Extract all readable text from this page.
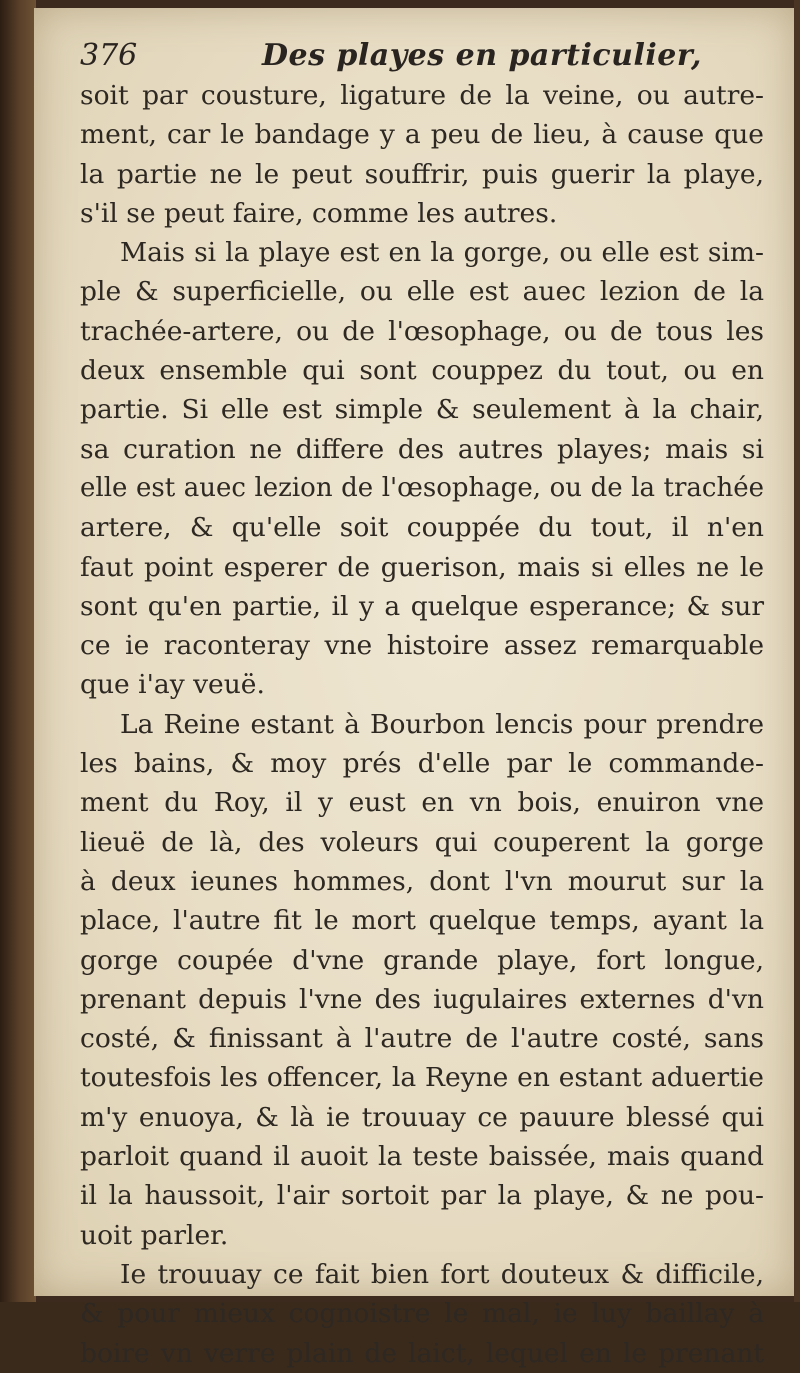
376	Des playes en particulier,
soit par cousture, ligature de la veine, ou autre-
ment, car le bandage y a peu de lieu, à cause que
la partie ne le peut souffrir, puis guerir la playe,
s'il se peut faire, comme les autres.
Mais si la playe est en la gorge, ou elle est sim-
ple & superficielle, ou elle est auec lezion de la
trachée-artere, ou de l'œsophage, ou de tous les
deux ensemble qui sont couppez du tout, ou en
partie. Si elle est simple & seulement à la chair,
sa curation ne differe des autres playes; mais si
elle est auec lezion de l'œsophage, ou de la trachée
artere, & qu'elle soit couppée du tout, il n'en
faut point esperer de guerison, mais si elles ne le
sont qu'en partie, il y a quelque esperance; & sur
ce ie raconteray vne histoire assez remarquable
que i'ay veuë.
La Reine estant à Bourbon lencis pour prendre
les bains, & moy prés d'elle par le commande-
ment du Roy, il y eust en vn bois, enuiron vne
lieuë de là, des voleurs qui couperent la gorge
à deux ieunes hommes, dont l'vn mourut sur la
place, l'autre fit le mort quelque temps, ayant la
gorge coupée d'vne grande playe, fort longue,
prenant depuis l'vne des iugulaires externes d'vn
costé, & finissant à l'autre de l'autre costé, sans
toutesfois les offencer, la Reyne en estant aduertie
m'y enuoya, & là ie trouuay ce pauure blessé qui
parloit quand il auoit la teste baissée, mais quand
il la haussoit, l'air sortoit par la playe, & ne pou-
uoit parler.
Ie trouuay ce fait bien fort douteux & difficile,
& pour mieux cognoistre le mal, ie luy baillay à
boire vn verre plain de laict, lequel en le prenant
